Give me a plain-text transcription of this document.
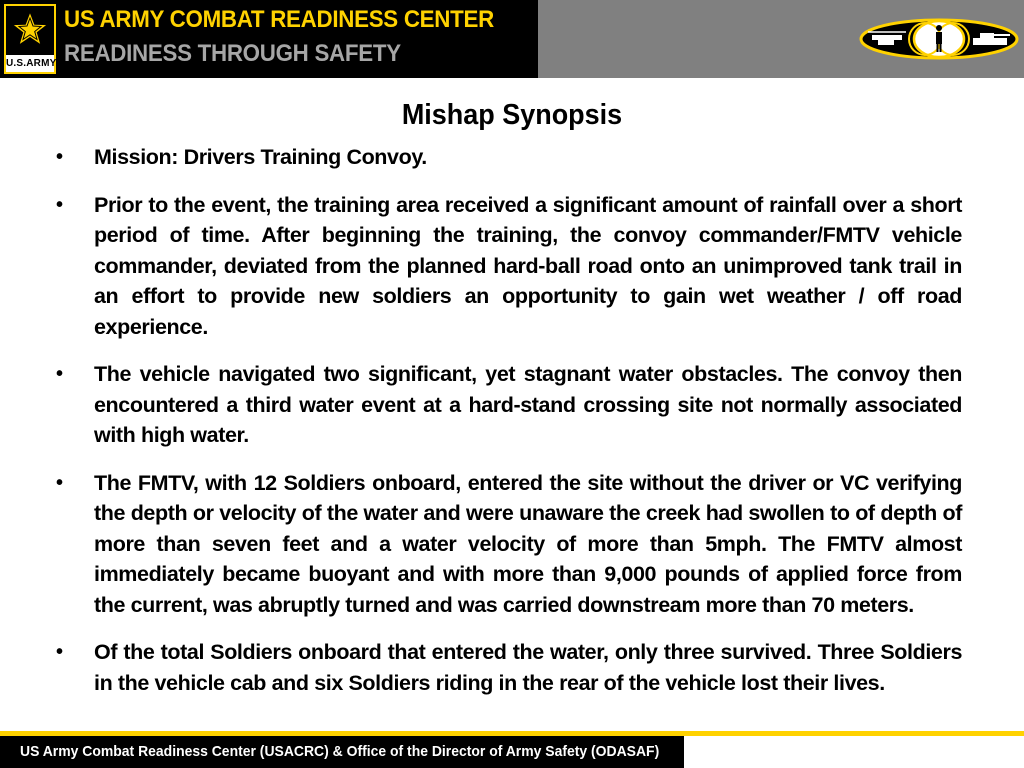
U.S.ARMY
US ARMY COMBAT READINESS CENTER
READINESS THROUGH SAFETY
Mishap Synopsis
• Mission: Drivers Training Convoy.
• Prior to the event, the training area received a significant amount of rainfall over a short period of time. After beginning the training, the convoy commander/FMTV vehicle commander, deviated from the planned hard-ball road onto an unimproved tank trail in an effort to provide new soldiers an opportunity to gain wet weather / off road experience.
• The vehicle navigated two significant, yet stagnant water obstacles. The convoy then encountered a third water event at a hard-stand crossing site not normally associated with high water.
• The FMTV, with 12 Soldiers onboard, entered the site without the driver or VC verifying the depth or velocity of the water and were unaware the creek had swollen to of depth of more than seven feet and a water velocity of more than 5mph. The FMTV almost immediately became buoyant and with more than 9,000 pounds of applied force from the current, was abruptly turned and was carried downstream more than 70 meters.
• Of the total Soldiers onboard that entered the water, only three survived. Three Soldiers in the vehicle cab and six Soldiers riding in the rear of the vehicle lost their lives.
US Army Combat Readiness Center (USACRC) & Office of the Director of Army Safety (ODASAF)
